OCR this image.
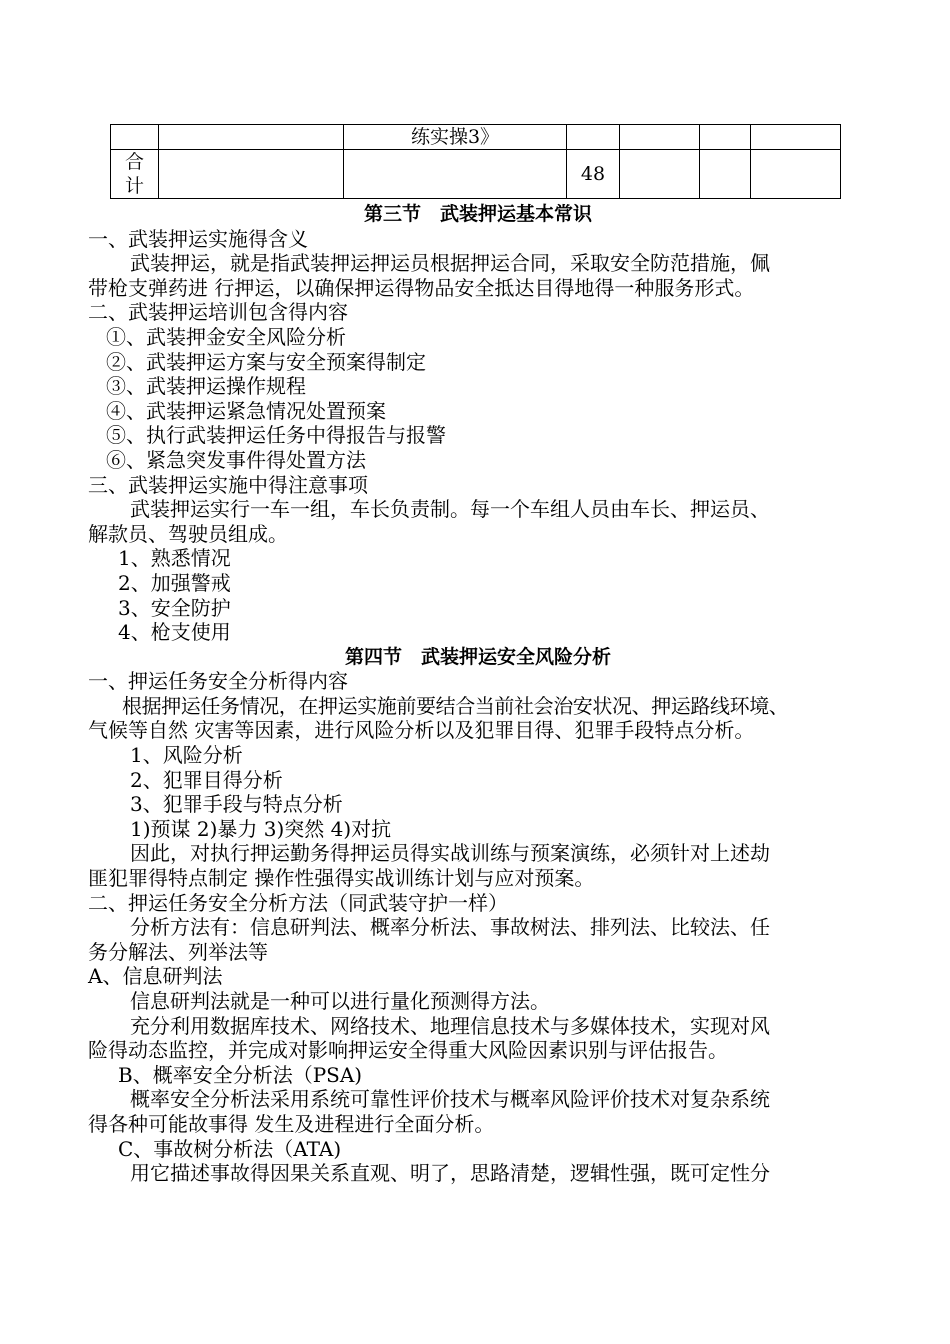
		练实操3》				
合
计			48			
第三节　武装押运基本常识
一、武装押运实施得含义
武装押运，就是指武装押运押运员根据押运合同，采取安全防范措施，佩
带枪支弹药进 行押运，以确保押运得物品安全抵达目得地得一种服务形式。
二、武装押运培训包含得内容
①、武装押金安全风险分析
②、武装押运方案与安全预案得制定
③、武装押运操作规程
④、武装押运紧急情况处置预案
⑤、执行武装押运任务中得报告与报警
⑥、紧急突发事件得处置方法
三、武装押运实施中得注意事项
武装押运实行一车一组，车长负责制。每一个车组人员由车长、押运员、
解款员、驾驶员组成。
1、熟悉情况
2、加强警戒
3、安全防护
4、枪支使用
第四节　武装押运安全风险分析
一、押运任务安全分析得内容
根据押运任务情况，在押运实施前要结合当前社会治安状况、押运路线环境、
气候等自然 灾害等因素，进行风险分析以及犯罪目得、犯罪手段特点分析。
1、风险分析
2、犯罪目得分析
3、犯罪手段与特点分析
1)预谋 2)暴力 3)突然 4)对抗
因此，对执行押运勤务得押运员得实战训练与预案演练，必须针对上述劫
匪犯罪得特点制定 操作性强得实战训练计划与应对预案。
二、押运任务安全分析方法（同武装守护一样）
分析方法有：信息研判法、概率分析法、事故树法、排列法、比较法、任
务分解法、列举法等
A、信息研判法
信息研判法就是一种可以进行量化预测得方法。
充分利用数据库技术、网络技术、地理信息技术与多媒体技术，实现对风
险得动态监控，并完成对影响押运安全得重大风险因素识别与评估报告。
B、概率安全分析法（PSA)
概率安全分析法采用系统可靠性评价技术与概率风险评价技术对复杂系统
得各种可能故事得 发生及进程进行全面分析。
C、事故树分析法（ATA)
用它描述事故得因果关系直观、明了，思路清楚，逻辑性强，既可定性分
